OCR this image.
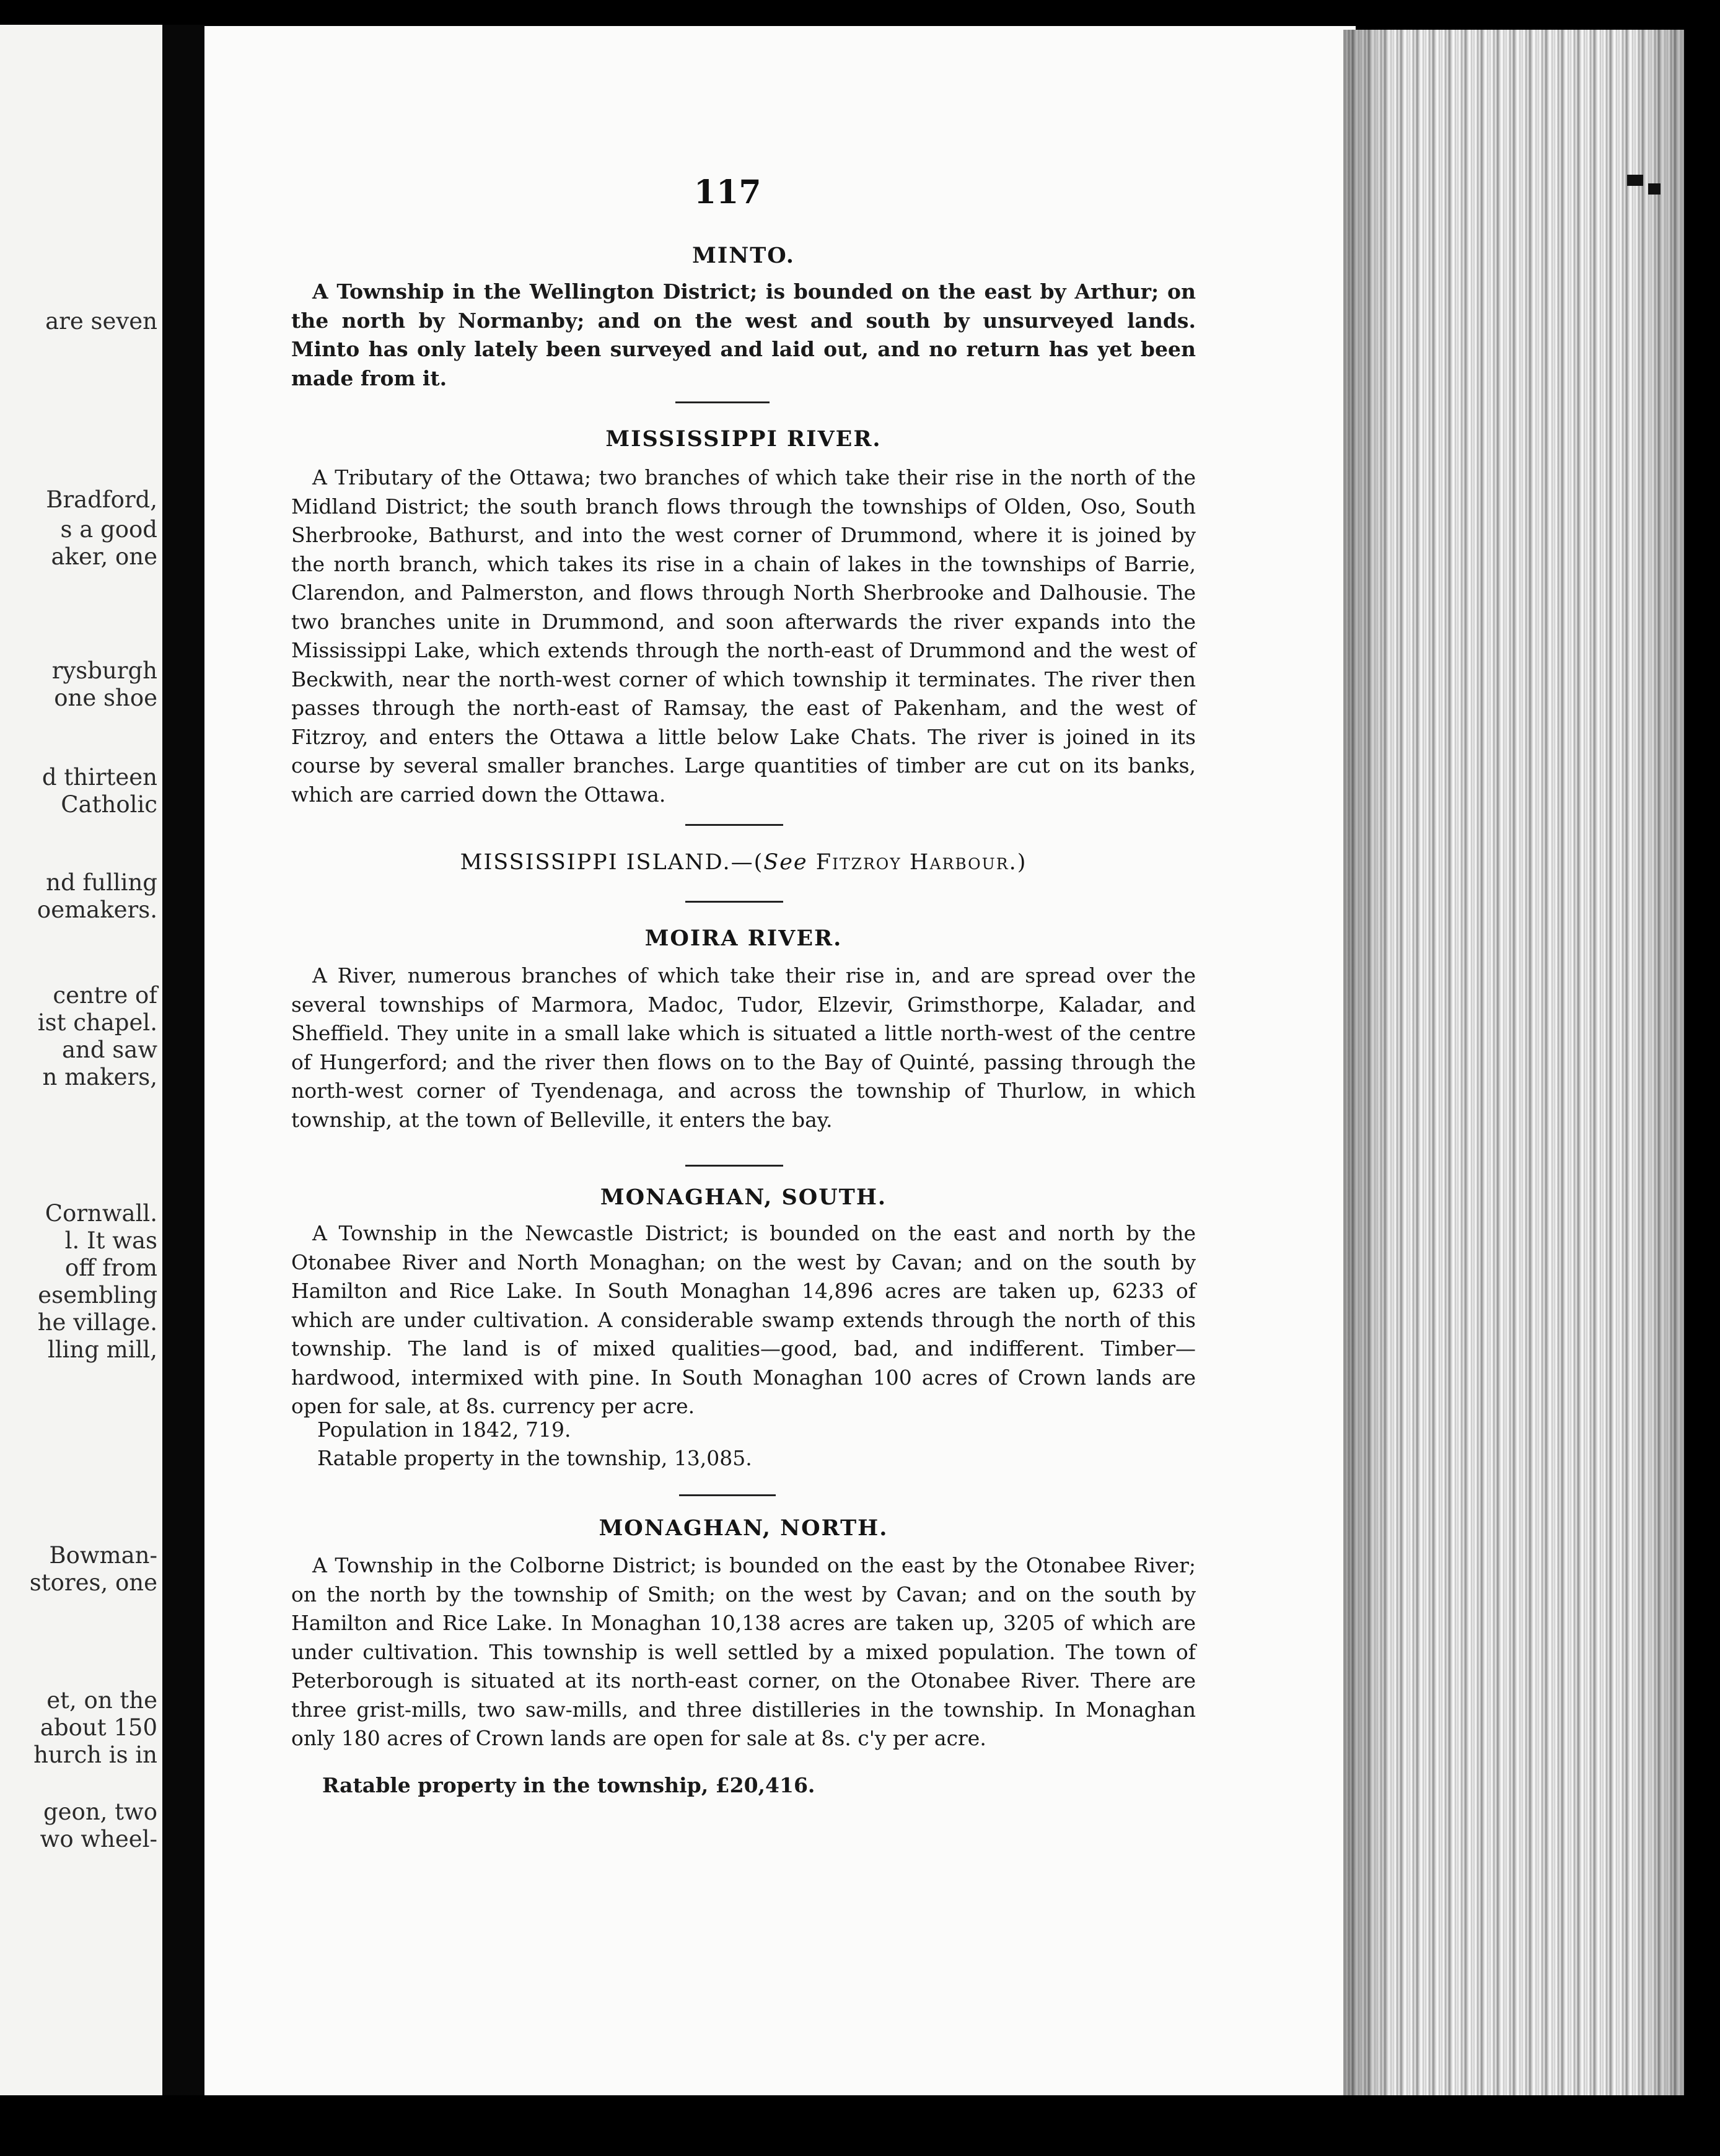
are seven
Bradford,
s a good
aker, one
rysburgh
one shoe
d thirteen
Catholic
nd fulling
oemakers.
centre of
ist chapel.
and saw
n makers,
Cornwall.
l. It was
off from
esembling
he village.
lling mill,
Bowman-
stores, one
et, on the
about 150
hurch is in
geon, two
wo wheel-
117
MINTO.

A Township in the Wellington District; is bounded on the east by Arthur; on the north by Normanby; and on the west and south by unsurveyed lands. Minto has only lately been surveyed and laid out, and no return has yet been made from it.

MISSISSIPPI RIVER.

A Tributary of the Ottawa; two branches of which take their rise in the north of the Midland District; the south branch flows through the townships of Olden, Oso, South Sherbrooke, Bathurst, and into the west corner of Drummond, where it is joined by the north branch, which takes its rise in a chain of lakes in the townships of Barrie, Clarendon, and Palmerston, and flows through North Sherbrooke and Dalhousie. The two branches unite in Drummond, and soon afterwards the river expands into the Mississippi Lake, which extends through the north-east of Drummond and the west of Beckwith, near the north-west corner of which township it terminates. The river then passes through the north-east of Ramsay, the east of Pakenham, and the west of Fitzroy, and enters the Ottawa a little below Lake Chats. The river is joined in its course by several smaller branches. Large quantities of timber are cut on its banks, which are carried down the Ottawa.

MISSISSIPPI ISLAND.—(See Fitzroy Harbour.)
MOIRA RIVER.

A River, numerous branches of which take their rise in, and are spread over the several townships of Marmora, Madoc, Tudor, Elzevir, Grimsthorpe, Kaladar, and Sheffield. They unite in a small lake which is situated a little north-west of the centre of Hungerford; and the river then flows on to the Bay of Quinté, passing through the north-west corner of Tyendenaga, and across the township of Thurlow, in which township, at the town of Belleville, it enters the bay.

MONAGHAN, SOUTH.

A Township in the Newcastle District; is bounded on the east and north by the Otonabee River and North Monaghan; on the west by Cavan; and on the south by Hamilton and Rice Lake. In South Monaghan 14,896 acres are taken up, 6233 of which are under cultivation. A considerable swamp extends through the north of this township. The land is of mixed qualities—good, bad, and indifferent. Timber—hardwood, intermixed with pine. In South Monaghan 100 acres of Crown lands are open for sale, at 8s. currency per acre.

Population in 1842, 719.
Ratable property in the township, 13,085.
MONAGHAN, NORTH.

A Township in the Colborne District; is bounded on the east by the Otonabee River; on the north by the township of Smith; on the west by Cavan; and on the south by Hamilton and Rice Lake. In Monaghan 10,138 acres are taken up, 3205 of which are under cultivation. This township is well settled by a mixed population. The town of Peterborough is situated at its north-east corner, on the Otonabee River. There are three grist-mills, two saw-mills, and three distilleries in the township. In Monaghan only 180 acres of Crown lands are open for sale at 8s. c'y per acre.

Ratable property in the township, £20,416.
